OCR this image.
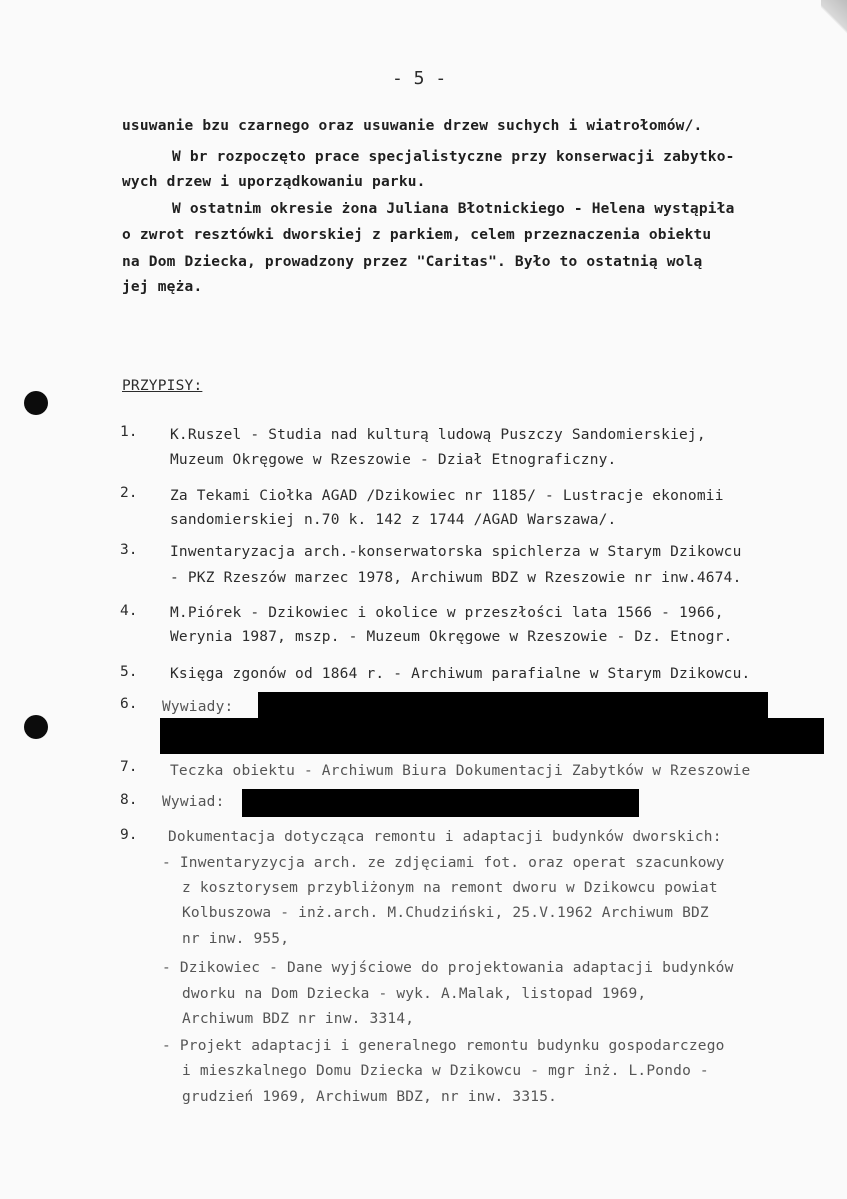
- 5 -
usuwanie bzu czarnego oraz usuwanie drzew suchych i wiatrołomów/.
W br rozpoczęto prace specjalistyczne przy konserwacji zabytko-
wych drzew i uporządkowaniu parku.
W ostatnim okresie żona Juliana Błotnickiego - Helena wystąpiła
o zwrot resztówki dworskiej z parkiem, celem przeznaczenia obiektu
na Dom Dziecka, prowadzony przez "Caritas". Było to ostatnią wolą
jej męża.
PRZYPISY:
1. K.Ruszel - Studia nad kulturą ludową Puszczy Sandomierskiej,
Muzeum Okręgowe w Rzeszowie - Dział Etnograficzny.
2. Za Tekami Ciołka AGAD /Dzikowiec nr 1185/ - Lustracje ekonomii
sandomierskiej n.70 k. 142 z 1744 /AGAD Warszawa/.
3. Inwentaryzacja arch.-konserwatorska spichlerza w Starym Dzikowcu
- PKZ Rzeszów marzec 1978, Archiwum BDZ w Rzeszowie nr inw.4674.
4. M.Piórek - Dzikowiec i okolice w przeszłości lata 1566 - 1966,
Werynia 1987, mszp. - Muzeum Okręgowe w Rzeszowie - Dz. Etnogr.
5. Księga zgonów od 1864 r. - Archiwum parafialne w Starym Dzikowcu.
6. Wywiady:
7. Teczka obiektu - Archiwum Biura Dokumentacji Zabytków w Rzeszowie
8. Wywiad:
9. Dokumentacja dotycząca remontu i adaptacji budynków dworskich:
- Inwentaryzycja arch. ze zdjęciami fot. oraz operat szacunkowy
z kosztorysem przybliżonym na remont dworu w Dzikowcu powiat
Kolbuszowa - inż.arch. M.Chudziński, 25.V.1962 Archiwum BDZ
nr inw. 955,
- Dzikowiec - Dane wyjściowe do projektowania adaptacji budynków
dworku na Dom Dziecka - wyk. A.Malak, listopad 1969,
Archiwum BDZ nr inw. 3314,
- Projekt adaptacji i generalnego remontu budynku gospodarczego
i mieszkalnego Domu Dziecka w Dzikowcu - mgr inż. L.Pondo -
grudzień 1969, Archiwum BDZ, nr inw. 3315.
